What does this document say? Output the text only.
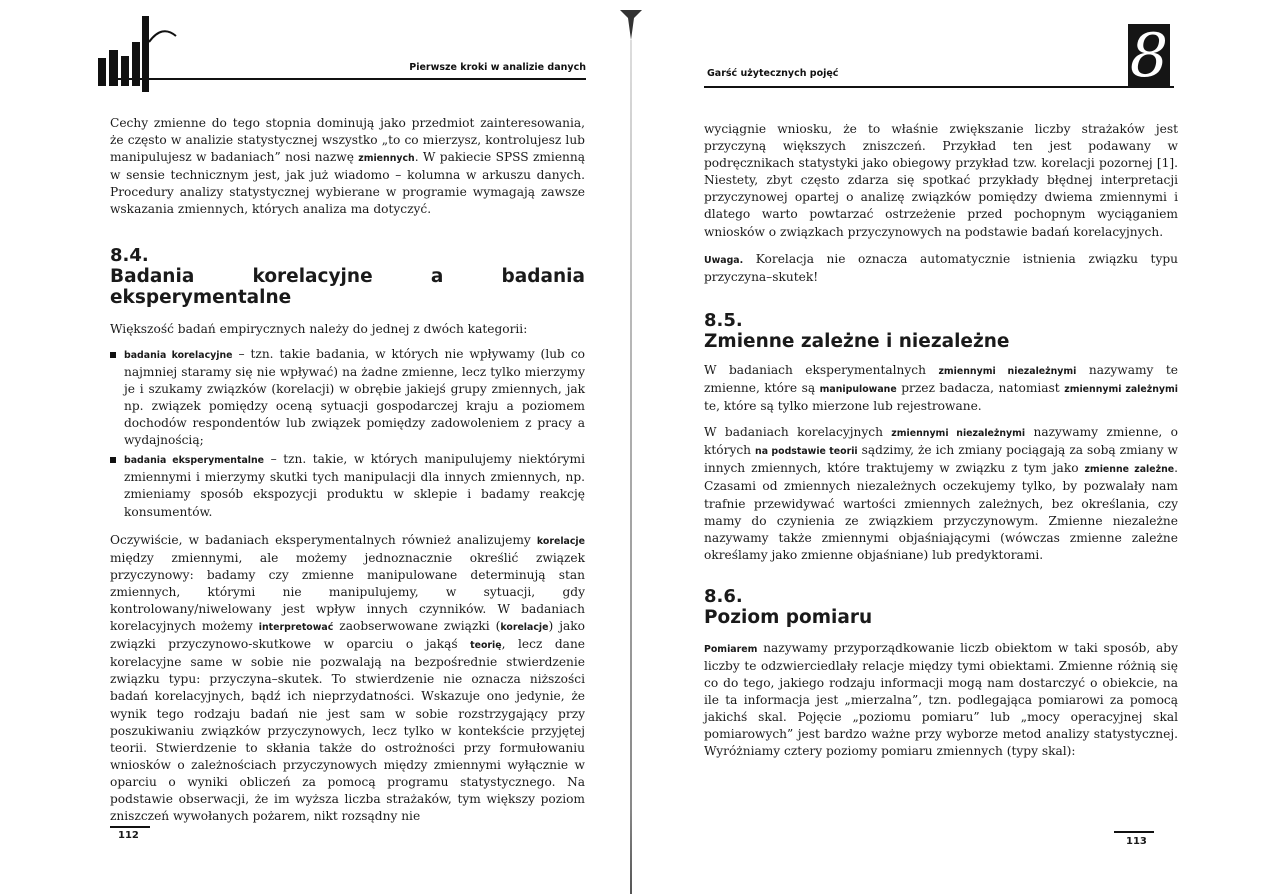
Pierwsze kroki w analizie danych

Cechy zmienne do tego stopnia dominują jako przedmiot zainteresowania, że często w analizie statystycznej wszystko „to co mierzysz, kontrolujesz lub manipulujesz w badaniach” nosi nazwę zmiennych. W pakiecie SPSS zmienną w sensie technicznym jest, jak już wiadomo – kolumna w arkuszu danych. Procedury analizy statystycznej wybierane w programie wymagają zawsze wskazania zmiennych, których analiza ma dotyczyć.

8.4.

Badania korelacyjne a badania eksperymentalne

Większość badań empirycznych należy do jednej z dwóch kategorii:

badania korelacyjne – tzn. takie badania, w których nie wpływamy (lub co najmniej staramy się nie wpływać) na żadne zmienne, lecz tylko mierzymy je i szukamy związków (korelacji) w obrębie jakiejś grupy zmiennych, jak np. związek pomiędzy oceną sytuacji gospodarczej kraju a poziomem dochodów respondentów lub związek pomiędzy zadowoleniem z pracy a wydajnością;
badania eksperymentalne – tzn. takie, w których manipulujemy niektórymi zmiennymi i mierzymy skutki tych manipulacji dla innych zmiennych, np. zmieniamy sposób ekspozycji produktu w sklepie i badamy reakcję konsumentów.

Oczywiście, w badaniach eksperymentalnych również analizujemy korelacje między zmiennymi, ale możemy jednoznacznie określić związek przyczynowy: badamy czy zmienne manipulowane determinują stan zmiennych, którymi nie manipulujemy, w sytuacji, gdy kontrolowany/niwelowany jest wpływ innych czynników. W badaniach korelacyjnych możemy interpretować zaobserwowane związki (korelacje) jako związki przyczynowo-skutkowe w oparciu o jakąś teorię, lecz dane korelacyjne same w sobie nie pozwalają na bezpośrednie stwierdzenie związku typu: przyczyna–skutek. To stwierdzenie nie oznacza niższości badań korelacyjnych, bądź ich nieprzydatności. Wskazuje ono jedynie, że wynik tego rodzaju badań nie jest sam w sobie rozstrzygający przy poszukiwaniu związków przyczynowych, lecz tylko w kontekście przyjętej teorii. Stwierdzenie to skłania także do ostrożności przy formułowaniu wniosków o zależnościach przyczynowych między zmiennymi wyłącznie w oparciu o wyniki obliczeń za pomocą programu statystycznego. Na podstawie obserwacji, że im wyższa liczba strażaków, tym większy poziom zniszczeń wywołanych pożarem, nikt rozsądny nie

112
Garść użytecznych pojęć	8

wyciągnie wniosku, że to właśnie zwiększanie liczby strażaków jest przyczyną większych zniszczeń. Przykład ten jest podawany w podręcznikach statystyki jako obiegowy przykład tzw. korelacji pozornej [1]. Niestety, zbyt często zdarza się spotkać przykłady błędnej interpretacji przyczynowej opartej o analizę związków pomiędzy dwiema zmiennymi i dlatego warto powtarzać ostrzeżenie przed pochopnym wyciąganiem wniosków o związkach przyczynowych na podstawie badań korelacyjnych.

Uwaga. Korelacja nie oznacza automatycznie istnienia związku typu przyczyna–skutek!

8.5.

Zmienne zależne i niezależne

W badaniach eksperymentalnych zmiennymi niezależnymi nazywamy te zmienne, które są manipulowane przez badacza, natomiast zmiennymi zależnymi te, które są tylko mierzone lub rejestrowane.

W badaniach korelacyjnych zmiennymi niezależnymi nazywamy zmienne, o których na podstawie teorii sądzimy, że ich zmiany pociągają za sobą zmiany w innych zmiennych, które traktujemy w związku z tym jako zmienne zależne. Czasami od zmiennych niezależnych oczekujemy tylko, by pozwalały nam trafnie przewidywać wartości zmiennych zależnych, bez określania, czy mamy do czynienia ze związkiem przyczynowym. Zmienne niezależne nazywamy także zmiennymi objaśniającymi (wówczas zmienne zależne określamy jako zmienne objaśniane) lub predyktorami.

8.6.

Poziom pomiaru

Pomiarem nazywamy przyporządkowanie liczb obiektom w taki sposób, aby liczby te odzwierciedlały relacje między tymi obiektami. Zmienne różnią się co do tego, jakiego rodzaju informacji mogą nam dostarczyć o obiekcie, na ile ta informacja jest „mierzalna”, tzn. podlegająca pomiarowi za pomocą jakichś skal. Pojęcie „poziomu pomiaru” lub „mocy operacyjnej skal pomiarowych” jest bardzo ważne przy wyborze metod analizy statystycznej. Wyróżniamy cztery poziomy pomiaru zmiennych (typy skal):

113
